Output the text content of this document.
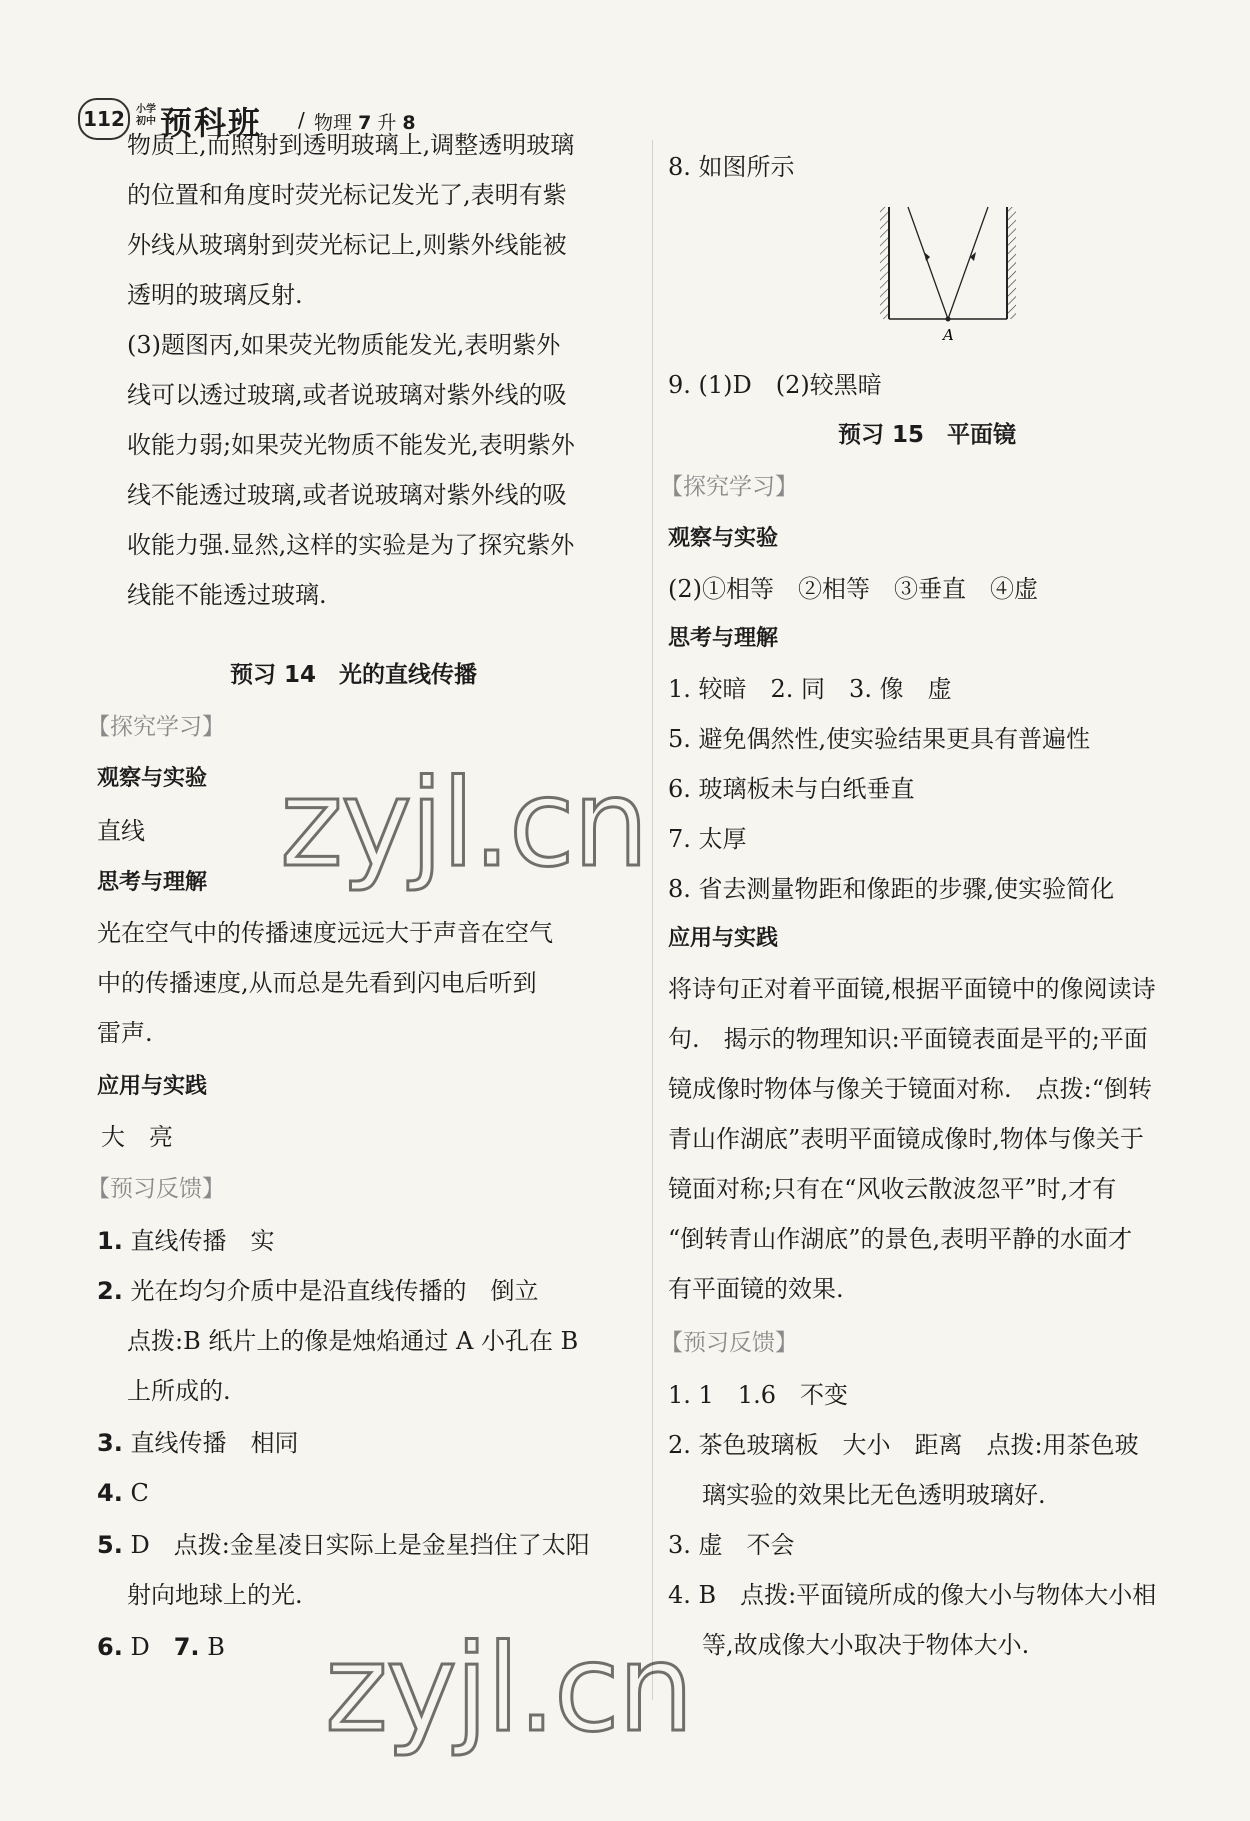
112	小学初中 预科班 / 物理 7 升 8
物质上,而照射到透明玻璃上,调整透明玻璃
的位置和角度时荧光标记发光了,表明有紫
外线从玻璃射到荧光标记上,则紫外线能被
透明的玻璃反射.
(3)题图丙,如果荧光物质能发光,表明紫外
线可以透过玻璃,或者说玻璃对紫外线的吸
收能力弱;如果荧光物质不能发光,表明紫外
线不能透过玻璃,或者说玻璃对紫外线的吸
收能力强.显然,这样的实验是为了探究紫外
线能不能透过玻璃.
预习 14　光的直线传播
【探究学习】
观察与实验
直线
思考与理解
光在空气中的传播速度远远大于声音在空气
中的传播速度,从而总是先看到闪电后听到
雷声.
应用与实践
大　亮
【预习反馈】
1. 直线传播　实
2. 光在均匀介质中是沿直线传播的　倒立
点拨:B 纸片上的像是烛焰通过 A 小孔在 B
上所成的.
3. 直线传播　相同
4. C
5. D　点拨:金星凌日实际上是金星挡住了太阳
射向地球上的光.
6. D　7. B
8. 如图所示
A
9. (1)D　(2)较黑暗
预习 15　平面镜
【探究学习】
观察与实验
(2)①相等　②相等　③垂直　④虚
思考与理解
1. 较暗　2. 同　3. 像　虚
5. 避免偶然性,使实验结果更具有普遍性
6. 玻璃板未与白纸垂直
7. 太厚
8. 省去测量物距和像距的步骤,使实验简化
应用与实践
将诗句正对着平面镜,根据平面镜中的像阅读诗
句.　揭示的物理知识:平面镜表面是平的;平面
镜成像时物体与像关于镜面对称.　点拨:“倒转
青山作湖底”表明平面镜成像时,物体与像关于
镜面对称;只有在“风收云散波忽平”时,才有
“倒转青山作湖底”的景色,表明平静的水面才
有平面镜的效果.
【预习反馈】
1. 1　1.6　不变
2. 茶色玻璃板　大小　距离　点拨:用茶色玻
璃实验的效果比无色透明玻璃好.
3. 虚　不会
4. B　点拨:平面镜所成的像大小与物体大小相
等,故成像大小取决于物体大小.
zyjl.cn
zyjl.cn
